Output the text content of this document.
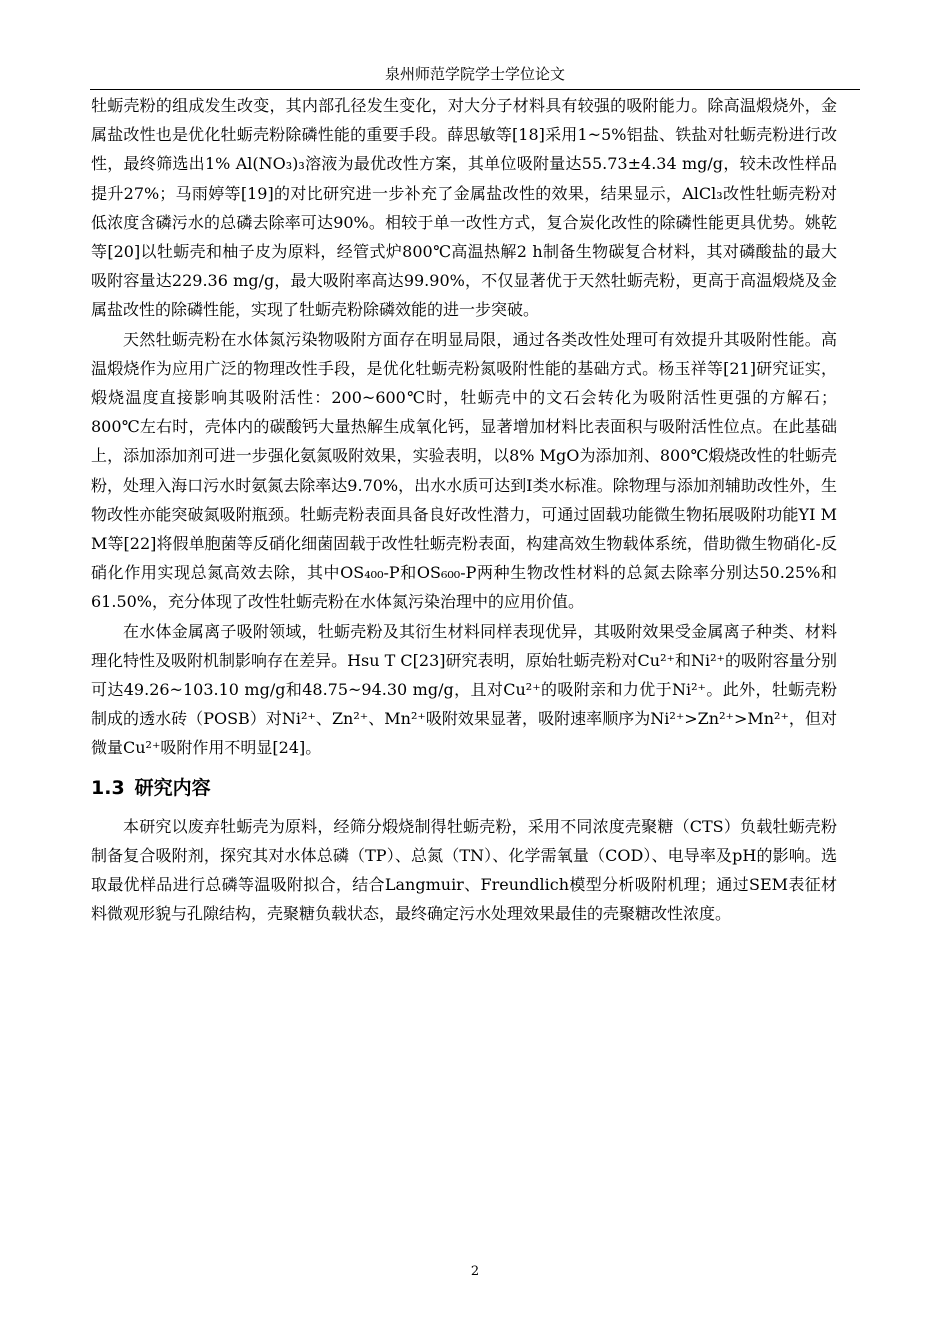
泉州师范学院学士学位论文

牡蛎壳粉的组成发生改变，其内部孔径发生变化，对大分子材料具有较强的吸附能力。除高温煅烧外，金属盐改性也是优化牡蛎壳粉除磷性能的重要手段。薛思敏等[18]采用1~5%铝盐、铁盐对牡蛎壳粉进行改性，最终筛选出1% Al(NO₃)₃溶液为最优改性方案，其单位吸附量达55.73±4.34 mg/g，较未改性样品提升27%；马雨婷等[19]的对比研究进一步补充了金属盐改性的效果，结果显示，AlCl₃改性牡蛎壳粉对低浓度含磷污水的总磷去除率可达90%。相较于单一改性方式，复合炭化改性的除磷性能更具优势。姚乾等[20]以牡蛎壳和柚子皮为原料，经管式炉800℃高温热解2 h制备生物碳复合材料，其对磷酸盐的最大吸附容量达229.36 mg/g，最大吸附率高达99.90%，不仅显著优于天然牡蛎壳粉，更高于高温煅烧及金属盐改性的除磷性能，实现了牡蛎壳粉除磷效能的进一步突破。

天然牡蛎壳粉在水体氮污染物吸附方面存在明显局限，通过各类改性处理可有效提升其吸附性能。高温煅烧作为应用广泛的物理改性手段，是优化牡蛎壳粉氮吸附性能的基础方式。杨玉祥等[21]研究证实，煅烧温度直接影响其吸附活性：200~600℃时，牡蛎壳中的文石会转化为吸附活性更强的方解石；800℃左右时，壳体内的碳酸钙大量热解生成氧化钙，显著增加材料比表面积与吸附活性位点。在此基础上，添加添加剂可进一步强化氨氮吸附效果，实验表明，以8% MgO为添加剂、800℃煅烧改性的牡蛎壳粉，处理入海口污水时氨氮去除率达9.70%，出水水质可达到Ⅰ类水标准。除物理与添加剂辅助改性外，生物改性亦能突破氮吸附瓶颈。牡蛎壳粉表面具备良好改性潜力，可通过固载功能微生物拓展吸附功能YI M M等[22]将假单胞菌等反硝化细菌固载于改性牡蛎壳粉表面，构建高效生物载体系统，借助微生物硝化-反硝化作用实现总氮高效去除，其中OS₄₀₀-P和OS₆₀₀-P两种生物改性材料的总氮去除率分别达50.25%和61.50%，充分体现了改性牡蛎壳粉在水体氮污染治理中的应用价值。

在水体金属离子吸附领域，牡蛎壳粉及其衍生材料同样表现优异，其吸附效果受金属离子种类、材料理化特性及吸附机制影响存在差异。Hsu T C[23]研究表明，原始牡蛎壳粉对Cu²⁺和Ni²⁺的吸附容量分别可达49.26~103.10 mg/g和48.75~94.30 mg/g，且对Cu²⁺的吸附亲和力优于Ni²⁺。此外，牡蛎壳粉制成的透水砖（POSB）对Ni²⁺、Zn²⁺、Mn²⁺吸附效果显著，吸附速率顺序为Ni²⁺>Zn²⁺>Mn²⁺，但对微量Cu²⁺吸附作用不明显[24]。

1.3 研究内容

本研究以废弃牡蛎壳为原料，经筛分煅烧制得牡蛎壳粉，采用不同浓度壳聚糖（CTS）负载牡蛎壳粉制备复合吸附剂，探究其对水体总磷（TP）、总氮（TN）、化学需氧量（COD）、电导率及pH的影响。选取最优样品进行总磷等温吸附拟合，结合Langmuir、Freundlich模型分析吸附机理；通过SEM表征材料微观形貌与孔隙结构，壳聚糖负载状态，最终确定污水处理效果最佳的壳聚糖改性浓度。

2
